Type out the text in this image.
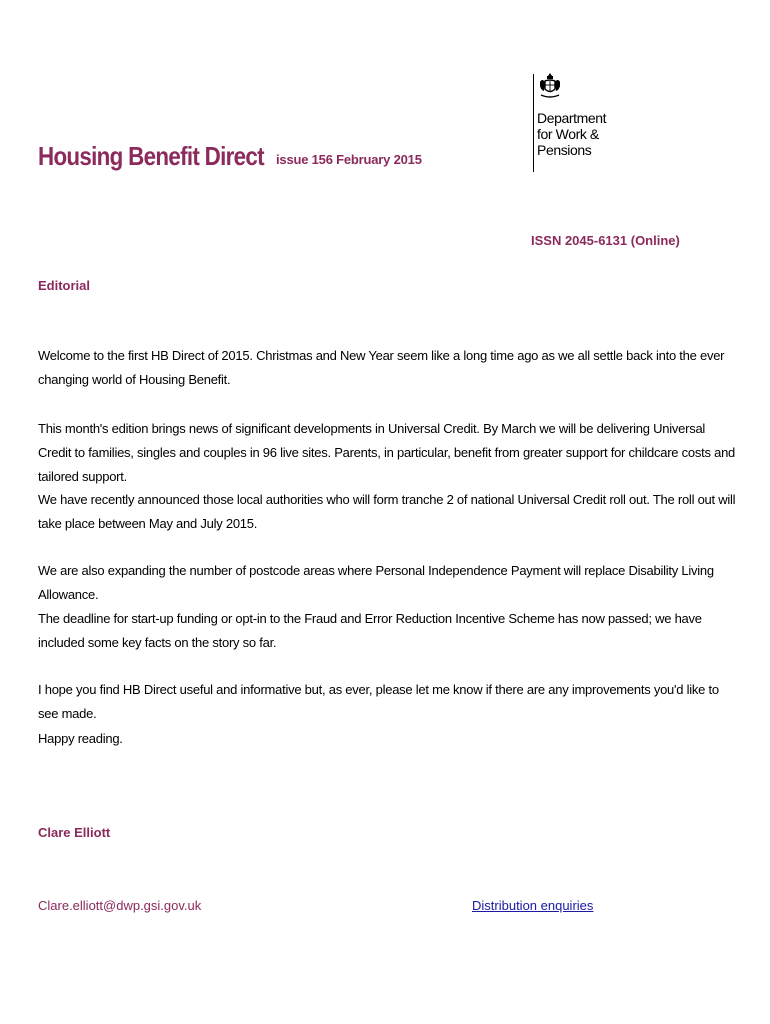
Department
for Work &
Pensions
Housing Benefit Direct issue 156 February 2015
ISSN 2045-6131 (Online)
Editorial

Welcome to the first HB Direct of 2015. Christmas and New Year seem like a long time ago as we all settle back into the ever changing world of Housing Benefit.

This month's edition brings news of significant developments in Universal Credit. By March we will be delivering Universal Credit to families, singles and couples in 96 live sites. Parents, in particular, benefit from greater support for childcare costs and tailored support.

We have recently announced those local authorities who will form tranche 2 of national Universal Credit roll out. The roll out will take place between May and July 2015.

We are also expanding the number of postcode areas where Personal Independence Payment will replace Disability Living Allowance.

The deadline for start-up funding or opt-in to the Fraud and Error Reduction Incentive Scheme has now passed; we have included some key facts on the story so far.

I hope you find HB Direct useful and informative but, as ever, please let me know if there are any improvements you'd like to see made.

Happy reading.

Clare Elliott
Clare.elliott@dwp.gsi.gov.uk	Distribution enquiries
